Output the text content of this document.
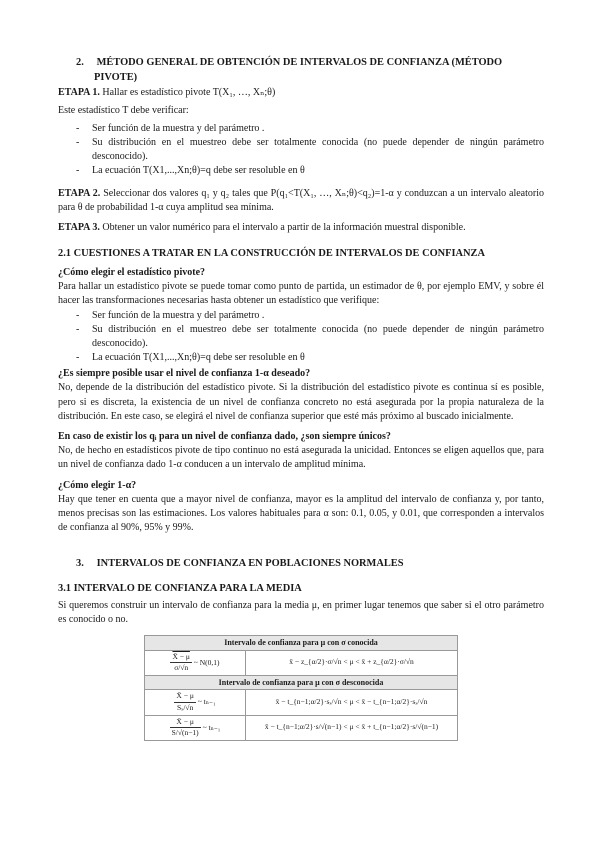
2. MÉTODO GENERAL DE OBTENCIÓN DE INTERVALOS DE CONFIANZA (MÉTODO
PIVOTE)

ETAPA 1. Hallar es estadístico pivote T(X₁, …, Xₙ;θ)

Este estadístico T debe verificar:

- Ser función de la muestra y del parámetro .
- Su distribución en el muestreo debe ser totalmente conocida (no puede depender de ningún parámetro desconocido).
- La ecuación T(X1,...,Xn;θ)=q debe ser resoluble en θ

ETAPA 2. Seleccionar dos valores q₁ y q₂ tales que P(q₁<T(X₁, …, Xₙ;θ)<q₂)=1-α y conduzcan a un intervalo aleatorio para θ de probabilidad 1-α cuya amplitud sea mínima.

ETAPA 3. Obtener un valor numérico para el intervalo a partir de la información muestral disponible.

2.1 CUESTIONES A TRATAR EN LA CONSTRUCCIÓN DE INTERVALOS DE CONFIANZA

¿Cómo elegir el estadístico pivote?

Para hallar un estadístico pivote se puede tomar como punto de partida, un estimador de θ, por ejemplo EMV, y sobre él hacer las transformaciones necesarias hasta obtener un estadístico que verifique:

- Ser función de la muestra y del parámetro .
- Su distribución en el muestreo debe ser totalmente conocida (no puede depender de ningún parámetro desconocido).
- La ecuación T(X1,...,Xn;θ)=q debe ser resoluble en θ

¿Es siempre posible usar el nivel de confianza 1-α deseado?

No, depende de la distribución del estadístico pivote. Si la distribución del estadístico pivote es continua sí es posible, pero si es discreta, la existencia de un nivel de confianza concreto no está asegurada por la propia naturaleza de la distribución. En este caso, se elegirá el nivel de confianza superior que esté más próximo al buscado inicialmente.

En caso de existir los qᵢ para un nivel de confianza dado, ¿son siempre únicos?

No, de hecho en estadísticos pivote de tipo continuo no está asegurada la unicidad. Entonces se eligen aquellos que, para un nivel de confianza dado 1-α conducen a un intervalo de amplitud mínima.

¿Cómo elegir 1-α?

Hay que tener en cuenta que a mayor nivel de confianza, mayor es la amplitud del intervalo de confianza y, por tanto, menos precisas son las estimaciones. Los valores habituales para α son: 0.1, 0.05, y 0.01, que corresponden a intervalos de confianza al 90%, 95% y 99%.

3. INTERVALOS DE CONFIANZA EN POBLACIONES NORMALES
3.1 INTERVALO DE CONFIANZA PARA LA MEDIA

Si queremos construir un intervalo de confianza para la media μ, en primer lugar tenemos que saber si el otro parámetro es conocido o no.

Intervalo de confianza para μ con σ conocida	

$\frac{X̄ - \mu}{\sigma/√n}$ ~ N(0,1)	x̄ − z_{α/2}·σ/√n < μ < x̄ + z_{α/2}·σ/√n
Intervalo de confianza para μ con σ desconocida	

$\frac{X̄ - \mu}{\text{Sₓ/√n}}$ ~ tₙ₋₁	x̄ − t_{n−1;α/2}·sₓ/√n < μ < x̄ − t_{n−1;α/2}·sₓ/√n

$\frac{X̄ - \mu}{S/√(n-1)}$ ~ tₙ₋₁	x̄ − t_{n−1;α/2}·s/√(n−1) < μ < x̄ + t_{n−1;α/2}·s/√(n−1)
